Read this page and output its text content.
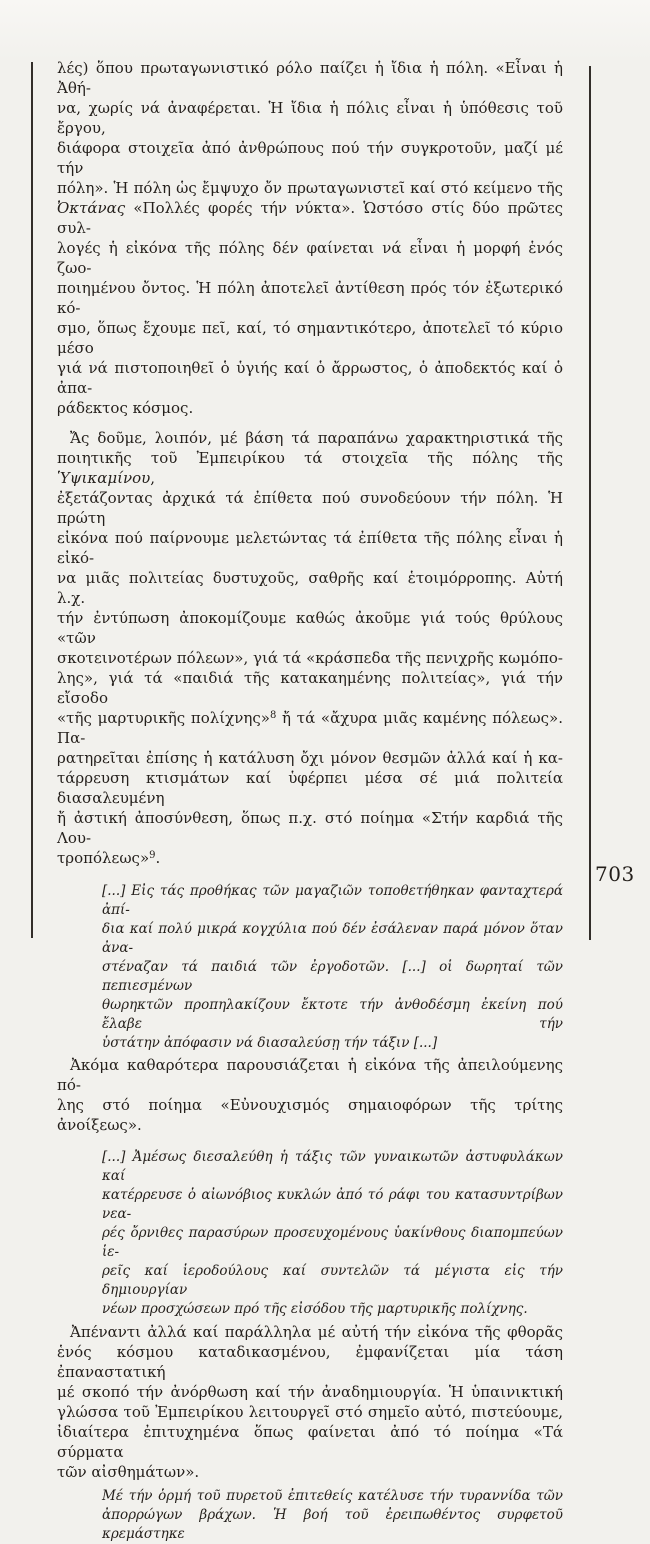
λές) ὅπου πρωταγωνιστικό ρόλο παίζει ἡ ἴδια ἡ πόλη. «Εἶναι ἡ Ἀθή-
να, χωρίς νά ἀναφέρεται. Ἡ ἴδια ἡ πόλις εἶναι ἡ ὑπόθεσις τοῦ ἔργου,
διάφορα στοιχεῖα ἀπό ἀνθρώπους πού τήν συγκροτοῦν, μαζί μέ τήν
πόλη». Ἡ πόλη ὡς ἔμψυχο ὄν πρωταγωνιστεῖ καί στό κείμενο τῆς
Ὀκτάνας «Πολλές φορές τήν νύκτα». Ὡστόσο στίς δύο πρῶτες συλ-
λογές ἡ εἰκόνα τῆς πόλης δέν φαίνεται νά εἶναι ἡ μορφή ἑνός ζωο-
ποιημένου ὄντος. Ἡ πόλη ἀποτελεῖ ἀντίθεση πρός τόν ἐξωτερικό κό-
σμο, ὅπως ἔχουμε πεῖ, καί, τό σημαντικότερο, ἀποτελεῖ τό κύριο μέσο
γιά νά πιστοποιηθεῖ ὁ ὑγιής καί ὁ ἄρρωστος, ὁ ἀποδεκτός καί ὁ ἀπα-
ράδεκτος κόσμος.
Ἄς δοῦμε, λοιπόν, μέ βάση τά παραπάνω χαρακτηριστικά τῆς
ποιητικῆς τοῦ Ἐμπειρίκου τά στοιχεῖα τῆς πόλης τῆς Ὑψικαμίνου,
ἐξετάζοντας ἀρχικά τά ἐπίθετα πού συνοδεύουν τήν πόλη. Ἡ πρώτη
εἰκόνα πού παίρνουμε μελετώντας τά ἐπίθετα τῆς πόλης εἶναι ἡ εἰκό-
να μιᾶς πολιτείας δυστυχοῦς, σαθρῆς καί ἑτοιμόρροπης. Αὐτή λ.χ.
τήν ἐντύπωση ἀποκομίζουμε καθώς ἀκοῦμε γιά τούς θρύλους «τῶν
σκοτεινοτέρων πόλεων», γιά τά «κράσπεδα τῆς πενιχρῆς κωμόπο-
λης», γιά τά «παιδιά τῆς κατακαημένης πολιτείας», γιά τήν εἴσοδο
«τῆς μαρτυρικῆς πολίχνης»$^8$ ἤ τά «ἄχυρα μιᾶς καμένης πόλεως». Πα-
ρατηρεῖται ἐπίσης ἡ κατάλυση ὄχι μόνον θεσμῶν ἀλλά καί ἡ κα-
τάρρευση κτισμάτων καί ὑφέρπει μέσα σέ μιά πολιτεία διασαλευμένη
ἤ ἀστική ἀποσύνθεση, ὅπως π.χ. στό ποίημα «Στήν καρδιά τῆς Λου-
τροπόλεως»$^9$.
[...] Εἰς τάς προθήκας τῶν μαγαζιῶν τοποθετήθηκαν φανταχτερά ἀπί-
δια καί πολύ μικρά κογχύλια πού δέν ἐσάλεναν παρά μόνον ὅταν ἀνα-
στέναζαν τά παιδιά τῶν ἐργοδοτῶν. [...] οἱ δωρηταί τῶν πεπιεσμένων
θωρηκτῶν προπηλακίζουν ἔκτοτε τήν ἀνθοδέσμη ἐκείνη πού ἔλαβε τήν
ὑστάτην ἀπόφασιν νά διασαλεύσῃ τήν τάξιν [...]
Ἀκόμα καθαρότερα παρουσιάζεται ἡ εἰκόνα τῆς ἀπειλούμενης πό-
λης στό ποίημα «Εὐνουχισμός σημαιοφόρων τῆς τρίτης ἀνοίξεως».
[...] Ἀμέσως διεσαλεύθη ἡ τάξις τῶν γυναικωτῶν ἀστυφυλάκων καί
κατέρρευσε ὁ αἰωνόβιος κυκλών ἀπό τό ράφι του κατασυντρίβων νεα-
ρές ὄρνιθες παρασύρων προσευχομένους ὑακίνθους διαπομπεύων ἱε-
ρεῖς καί ἱεροδούλους καί συντελῶν τά μέγιστα εἰς τήν δημιουργίαν
νέων προσχώσεων πρό τῆς εἰσόδου τῆς μαρτυρικῆς πολίχνης.
Ἀπέναντι ἀλλά καί παράλληλα μέ αὐτή τήν εἰκόνα τῆς φθορᾶς
ἑνός κόσμου καταδικασμένου, ἐμφανίζεται μία τάση ἐπαναστατική
μέ σκοπό τήν ἀνόρθωση καί τήν ἀναδημιουργία. Ἡ ὑπαινικτική
γλώσσα τοῦ Ἐμπειρίκου λειτουργεῖ στό σημεῖο αὐτό, πιστεύουμε,
ἰδιαίτερα ἐπιτυχημένα ὅπως φαίνεται ἀπό τό ποίημα «Τά σύρματα
τῶν αἰσθημάτων».
Μέ τήν ὁρμή τοῦ πυρετοῦ ἐπιτεθείς κατέλυσε τήν τυραννίδα τῶν
ἀπορρώγων βράχων. Ἡ βοή τοῦ ἐρειπωθέντος συρφετοῦ κρεμάστηκε
703
